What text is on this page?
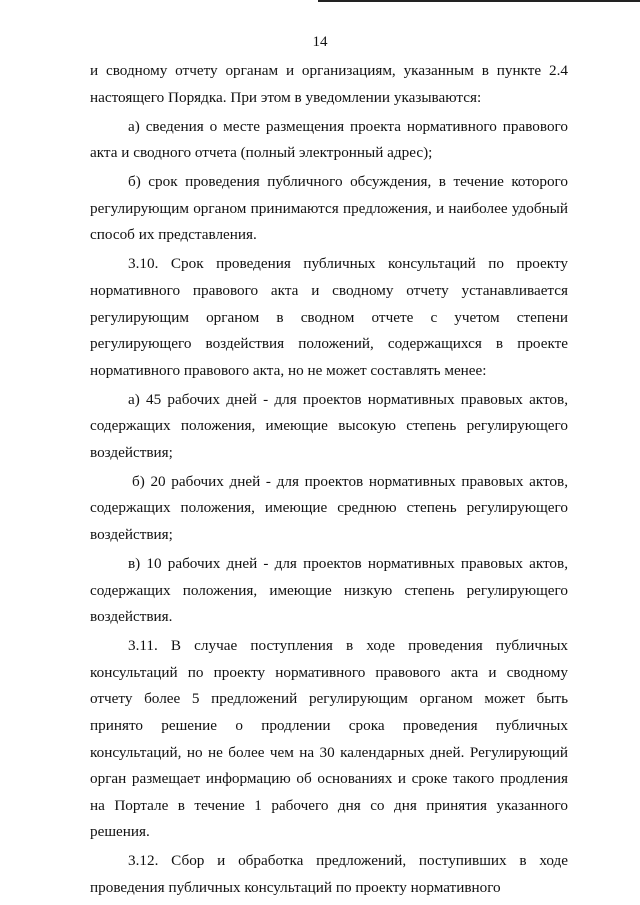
14

и сводному отчету органам и организациям, указанным в пункте 2.4 настоящего Порядка. При этом в уведомлении указываются:

а) сведения о месте размещения проекта нормативного правового акта и сводного отчета (полный электронный адрес);

б) срок проведения публичного обсуждения, в течение которого регулирующим органом принимаются предложения, и наиболее удобный способ их представления.

3.10. Срок проведения публичных консультаций по проекту нормативного правового акта и сводному отчету устанавливается регулирующим органом в сводном отчете с учетом степени регулирующего воздействия положений, содержащихся в проекте нормативного правового акта, но не может составлять менее:

а) 45 рабочих дней - для проектов нормативных правовых актов, содержащих положения, имеющие высокую степень регулирующего воздействия;

б) 20 рабочих дней - для проектов нормативных правовых актов, содержащих положения, имеющие среднюю степень регулирующего воздействия;

в) 10 рабочих дней - для проектов нормативных правовых актов, содержащих положения, имеющие низкую степень регулирующего воздействия.

3.11. В случае поступления в ходе проведения публичных консультаций по проекту нормативного правового акта и сводному отчету более 5 предложений регулирующим органом может быть принято решение о продлении срока проведения публичных консультаций, но не более чем на 30 календарных дней. Регулирующий орган размещает информацию об основаниях и сроке такого продления на Портале в течение 1 рабочего дня со дня принятия указанного решения.

3.12. Сбор и обработка предложений, поступивших в ходе проведения публичных консультаций по проекту нормативного
